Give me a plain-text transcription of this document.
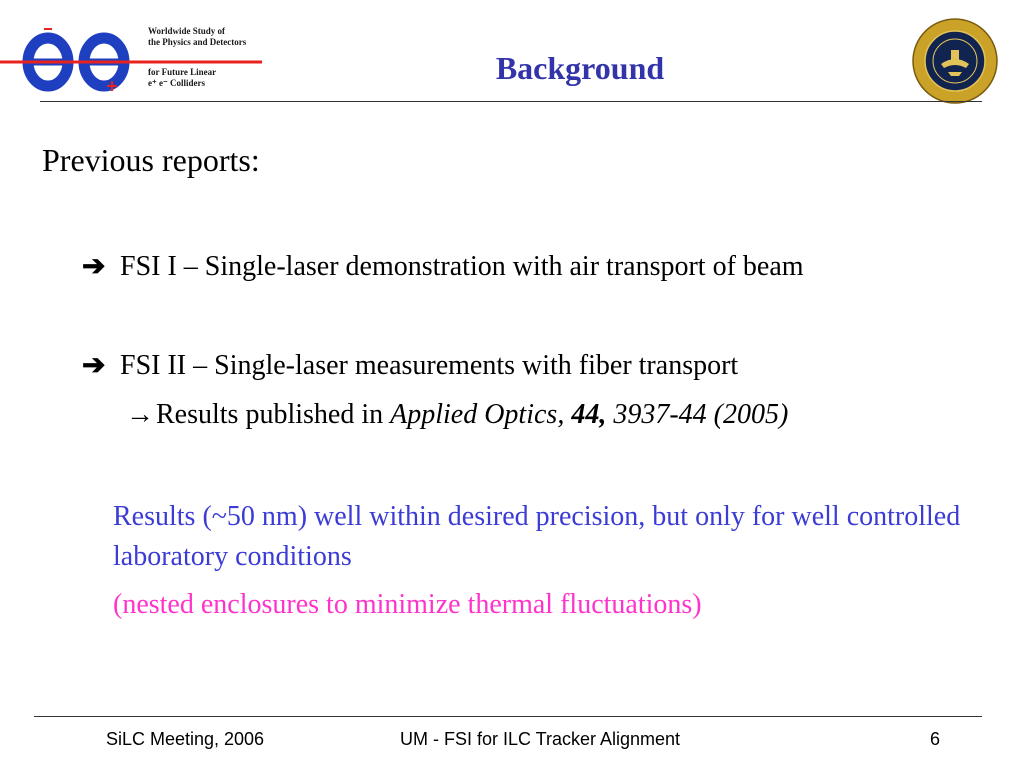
Worldwide Study of
the Physics and Detectors
for Future Linear
e⁺ e⁻ Colliders	Background
Previous reports:
➔ FSI I – Single-laser demonstration with air transport of beam
➔ FSI II – Single-laser measurements with fiber transport
→Results published in Applied Optics, 44, 3937-44 (2005)
Results (~50 nm) well within desired precision, but only for well controlled laboratory conditions
(nested enclosures to minimize thermal fluctuations)
SiLC Meeting, 2006	UM - FSI for ILC Tracker Alignment	6
